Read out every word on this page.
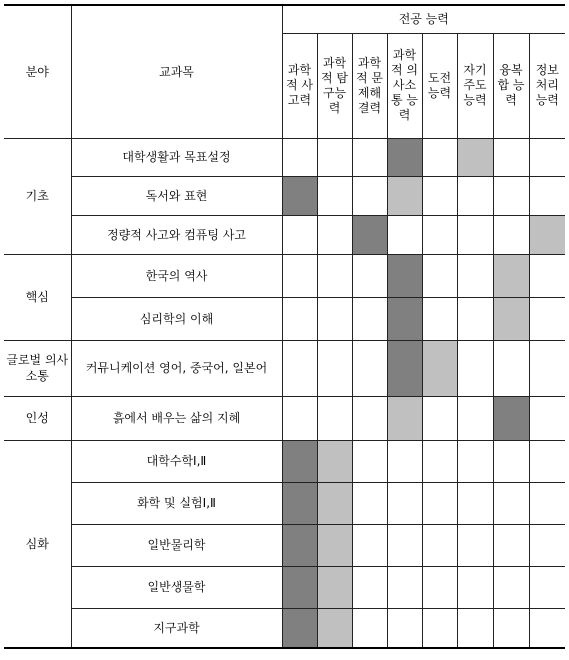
분야	교과목	전공 능력							
		과학적 사고력	과학적 탐구능력	과학적 문제해결력	과학적 의사소통 능력	도전능력	자기주도능력	융복합 능력	정보처리능력
기초	대학생활과 목표설정								
	독서와 표현								
	정량적 사고와 컴퓨팅 사고								
핵심	한국의 역사								
	심리학의 이해								
글로벌 의사소통	커뮤니케이션 영어, 중국어, 일본어								
인성	흙에서 배우는 삶의 지혜								
심화	대학수학Ⅰ,Ⅱ								
	화학 및 실험Ⅰ,Ⅱ								
	일반물리학								
	일반생물학								
	지구과학								
